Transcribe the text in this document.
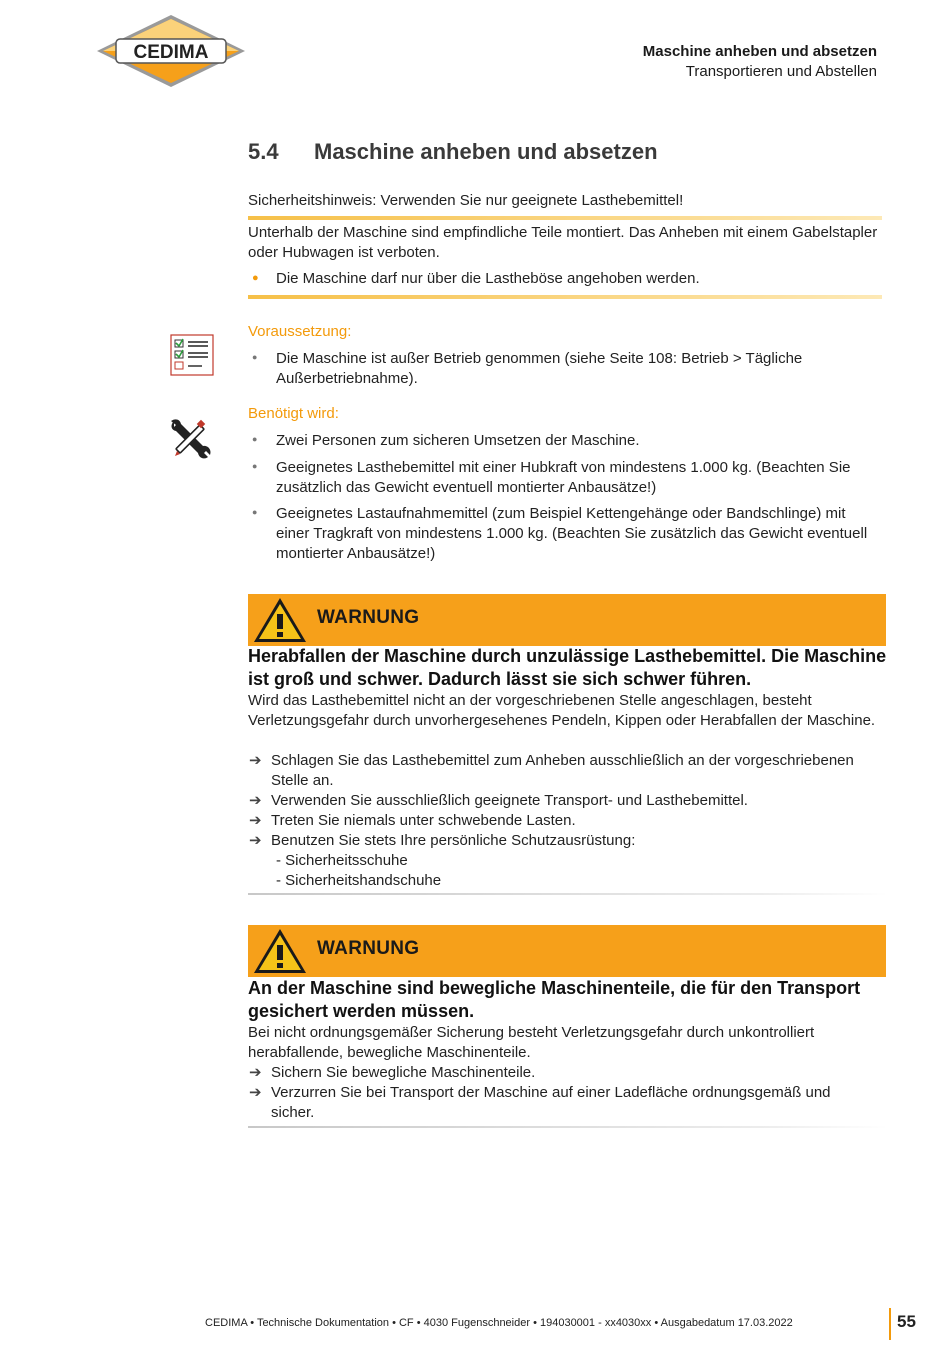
CEDIMA	Maschine anheben und absetzen
Transportieren und Abstellen
5.4 Maschine anheben und absetzen
Sicherheitshinweis: Verwenden Sie nur geeignete Lasthebemittel!
Unterhalb der Maschine sind empfindliche Teile montiert. Das Anheben mit einem Gabelstapler oder Hubwagen ist verboten.
● Die Maschine darf nur über die Lastheböse angehoben werden.
Voraussetzung:
● Die Maschine ist außer Betrieb genommen (siehe Seite 108: Betrieb > Tägliche Außerbetriebnahme).
Benötigt wird:
● Zwei Personen zum sicheren Umsetzen der Maschine.
● Geeignetes Lasthebemittel mit einer Hubkraft von mindestens 1.000 kg. (Beachten Sie zusätzlich das Gewicht eventuell montierter Anbausätze!)
● Geeignetes Lastaufnahmemittel (zum Beispiel Kettengehänge oder Bandschlinge) mit einer Tragkraft von mindestens 1.000 kg. (Beachten Sie zusätzlich das Gewicht eventuell montierter Anbausätze!)
WARNUNG
Herabfallen der Maschine durch unzulässige Lasthebemittel. Die Maschine ist groß und schwer. Dadurch lässt sie sich schwer führen.
Wird das Lasthebemittel nicht an der vorgeschriebenen Stelle angeschlagen, besteht Verletzungsgefahr durch unvorhergesehenes Pendeln, Kippen oder Herabfallen der Maschine.
➔ Schlagen Sie das Lasthebemittel zum Anheben ausschließlich an der vorgeschriebenen Stelle an.
➔ Verwenden Sie ausschließlich geeignete Transport- und Lasthebemittel.
➔ Treten Sie niemals unter schwebende Lasten.
➔ Benutzen Sie stets Ihre persönliche Schutzausrüstung:
- Sicherheitsschuhe
- Sicherheitshandschuhe
WARNUNG
An der Maschine sind bewegliche Maschinenteile, die für den Transport gesichert werden müssen.
Bei nicht ordnungsgemäßer Sicherung besteht Verletzungsgefahr durch unkontrolliert herabfallende, bewegliche Maschinenteile.
➔ Sichern Sie bewegliche Maschinenteile.
➔ Verzurren Sie bei Transport der Maschine auf einer Ladefläche ordnungsgemäß und sicher.
CEDIMA • Technische Dokumentation • CF • 4030 Fugenschneider • 194030001 - xx4030xx • Ausgabedatum 17.03.2022	55
